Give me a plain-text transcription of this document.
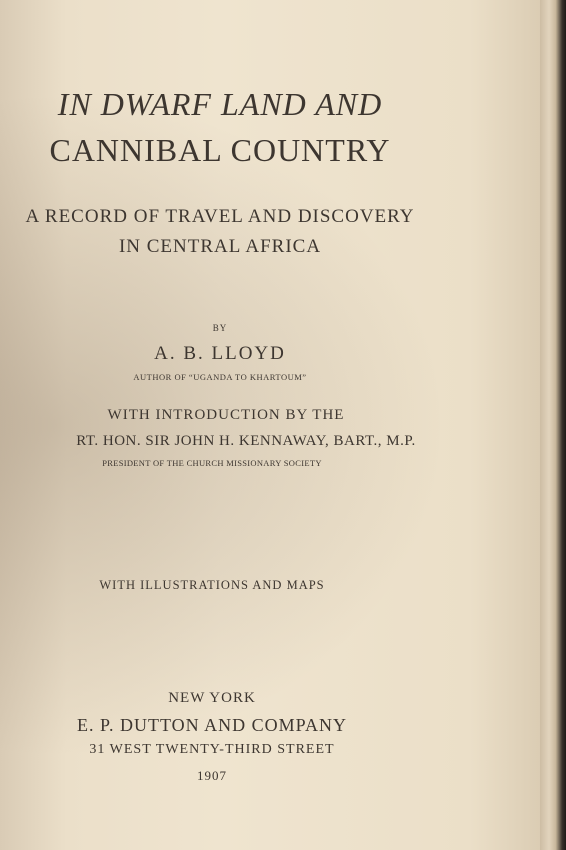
IN DWARF LAND AND
CANNIBAL COUNTRY
A RECORD OF TRAVEL AND DISCOVERY
IN CENTRAL AFRICA
BY
A. B. LLOYD
AUTHOR OF “UGANDA TO KHARTOUM”
WITH INTRODUCTION BY THE
RT. HON. SIR JOHN H. KENNAWAY, BART., M.P.
PRESIDENT OF THE CHURCH MISSIONARY SOCIETY
WITH ILLUSTRATIONS AND MAPS
NEW YORK
E. P. DUTTON AND COMPANY
31 WEST TWENTY-THIRD STREET
1907
